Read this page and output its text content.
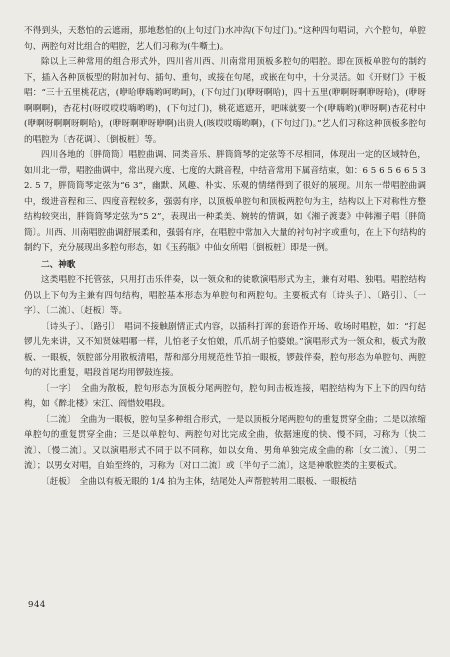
不得到头，天愁怕的云遮雨，那地愁怕的(上句过门)水冲沟(下句过门)。”这种四句唱词，六个腔句，单腔句、两腔句对比组合的唱腔，艺人们习称为(牛嘶土)。

除以上三种常用的组合形式外，四川省川西、川南常用顶板多腔句的唱腔。即在顶板单腔句的制约下，插入各种顶板型的附加衬句、插句、重句，或接在句尾，或嵌在句中，十分灵活。如《开财门》干板唱：“三十五里桃花店，(咿哈咿嗨哟呵哟呵)，(下句过门)(咿呀啊哈)，四十五里(咿啊呀啊咿呀哈)，(咿呀啊啊啊)，杏花村(呀哎哎哎嗨哟哟)，(下句过门)，桃花遮遮开，吧咪就要一个(咿嗨哟)(咿呀啊)杏花村中(咿啊呀啊啊呀啊哈)，(咿呀啊咿呀咿啊)出贵人(咳哎哎嗨哟啊)，(下句过门)。”艺人们习称这种顶板多腔句的唱腔为〔杏花调〕、〔倒板桩〕等。

四川各地的〔胖筒筒〕唱腔曲调、同类音乐、胖筒筒琴的定弦等不尽相同，体现出一定的区域特色，如川北一带，唱腔曲调中，常出现六度、七度的大跳音程，中结音常用下属音结束，如：6 5 6 5 6 6 5 3 2. 5 7，胖筒筒琴定弦为“6 3”，幽默、风趣、朴实、乐观的情绪得到了很好的展现。川东一带唱腔曲调中，级进音程和三、四度音程较多，强弱有序，以顶板单腔句和顶板两腔句为主，结构以上下对称性方整结构较突出，胖筒筒琴定弦为“5 2”，表现出一种柔美、婉转的情调，如《湘子渡妻》中韩湘子唱〔胖筒筒〕。川西、川南唱腔曲调舒展柔和，强弱有序，在唱腔中常加入大量的衬句衬字或重句，在上下句结构的制约下，充分展现出多腔句形态，如《玉药瓶》中仙女所唱〔倒板桩〕即是一例。

二、神歌

这类唱腔不托管弦，只用打击乐伴奏，以一领众和的徒歌演唱形式为主，兼有对唱、独唱。唱腔结构仍以上下句为主兼有四句结构，唱腔基本形态为单腔句和两腔句。主要板式有〔诗头子〕、〔路引〕、〔一字〕、〔二流〕、〔赶板〕等。

〔诗头子〕、〔路引〕　唱词不接触剧情正式内容，以插科打诨的套语作开场、收场时唱腔，如：“打起锣儿先来讲，又不知贤妹唱哪一样，儿怕老子女怕娘，爪爪胡子怕婆娘。”演唱形式为一领众和，板式为散板、一眼板，领腔部分用散板清唱，帮和部分用规范性节拍一眼板，锣鼓伴奏，腔句形态为单腔句、两腔句的对比重复，唱段首尾均用锣鼓连接。

〔一字〕　全曲为散板，腔句形态为顶板分尾两腔句，腔句间击板连接，唱腔结构为下上下的四句结构，如《醉北楼》宋江、阎惜姣唱段。

〔二流〕　全曲为一眼板，腔句呈多种组合形式，一是以顶板分尾两腔句的重复贯穿全曲；二是以浓缩单腔句的重复贯穿全曲；三是以单腔句、两腔句对比完成全曲，依据速度的快、慢不同，习称为〔快二流〕、〔慢二流〕。又以演唱形式不同于以不同称，如以女角、男角单独完成全曲的称〔女二流〕、〔男二流〕；以男女对唱，自始至终的，习称为〔对口二流〕或〔半句子二流〕，这是神歌腔类的主要板式。

〔赶板〕　全曲以有板无眼的 1/4 拍为主体，结尾处人声帮腔转用二眼板、一眼板结

944
